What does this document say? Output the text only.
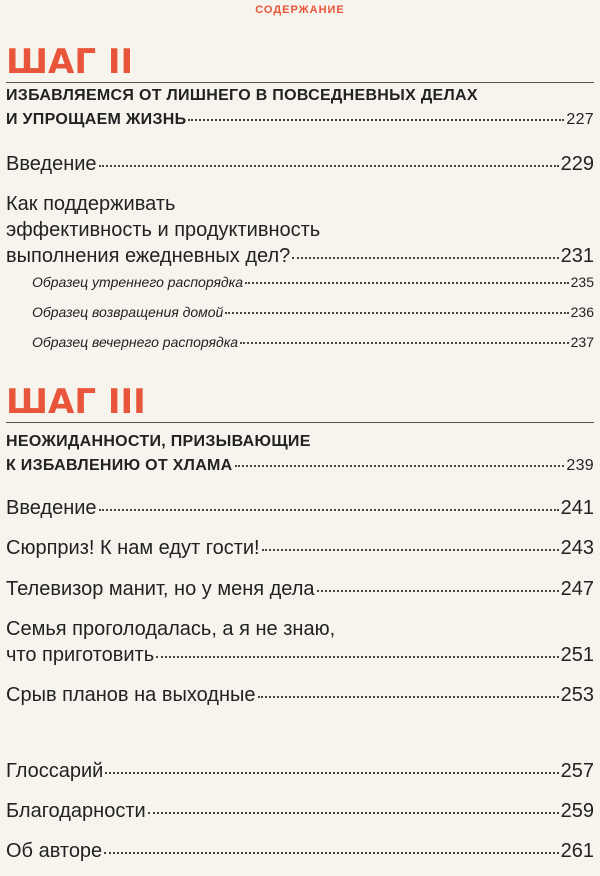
СОДЕРЖАНИЕ
ШАГ II
ИЗБАВЛЯЕМСЯ ОТ ЛИШНЕГО В ПОВСЕДНЕВНЫХ ДЕЛАХ
И УПРОЩАЕМ ЖИЗНЬ	227
Введение	229
Как поддерживать
эффективность и продуктивность
выполнения ежедневных дел?	231
Образец утреннего распорядка	235
Образец возвращения домой	236
Образец вечернего распорядка	237
ШАГ III
НЕОЖИДАННОСТИ, ПРИЗЫВАЮЩИЕ
К ИЗБАВЛЕНИЮ ОТ ХЛАМА	239
Введение	241
Сюрприз! К нам едут гости!	243
Телевизор манит, но у меня дела	247
Семья проголодалась, а я не знаю,
что приготовить	251
Срыв планов на выходные	253
Глоссарий	257
Благодарности	259
Об авторе	261
